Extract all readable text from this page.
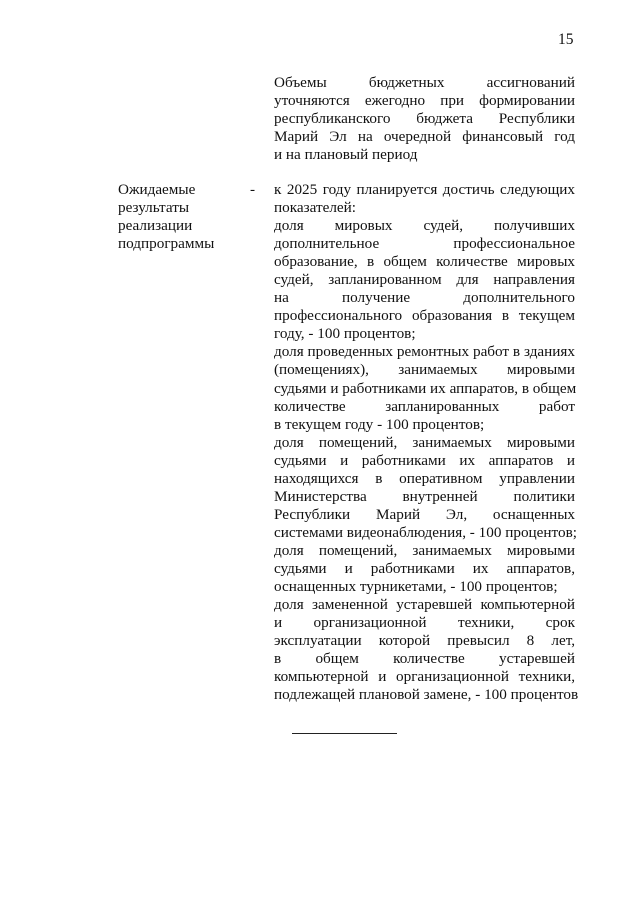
15
Объемы бюджетных ассигнований
уточняются ежегодно при формировании
республиканского бюджета Республики
Марий Эл на очередной финансовый год
и на плановый период
Ожидаемые
результаты
реализации
подпрограммы
- к 2025 году планируется достичь следующих
показателей:
доля мировых судей, получивших
дополнительное профессиональное
образование, в общем количестве мировых
судей, запланированном для направления
на получение дополнительного
профессионального образования в текущем
году, - 100 процентов;
доля проведенных ремонтных работ в зданиях
(помещениях), занимаемых мировыми
судьями и работниками их аппаратов, в общем
количестве запланированных работ
в текущем году - 100 процентов;
доля помещений, занимаемых мировыми
судьями и работниками их аппаратов и
находящихся в оперативном управлении
Министерства внутренней политики
Республики Марий Эл, оснащенных
системами видеонаблюдения, - 100 процентов;
доля помещений, занимаемых мировыми
судьями и работниками их аппаратов,
оснащенных турникетами, - 100 процентов;
доля замененной устаревшей компьютерной
и организационной техники, срок
эксплуатации которой превысил 8 лет,
в общем количестве устаревшей
компьютерной и организационной техники,
подлежащей плановой замене, - 100 процентов
